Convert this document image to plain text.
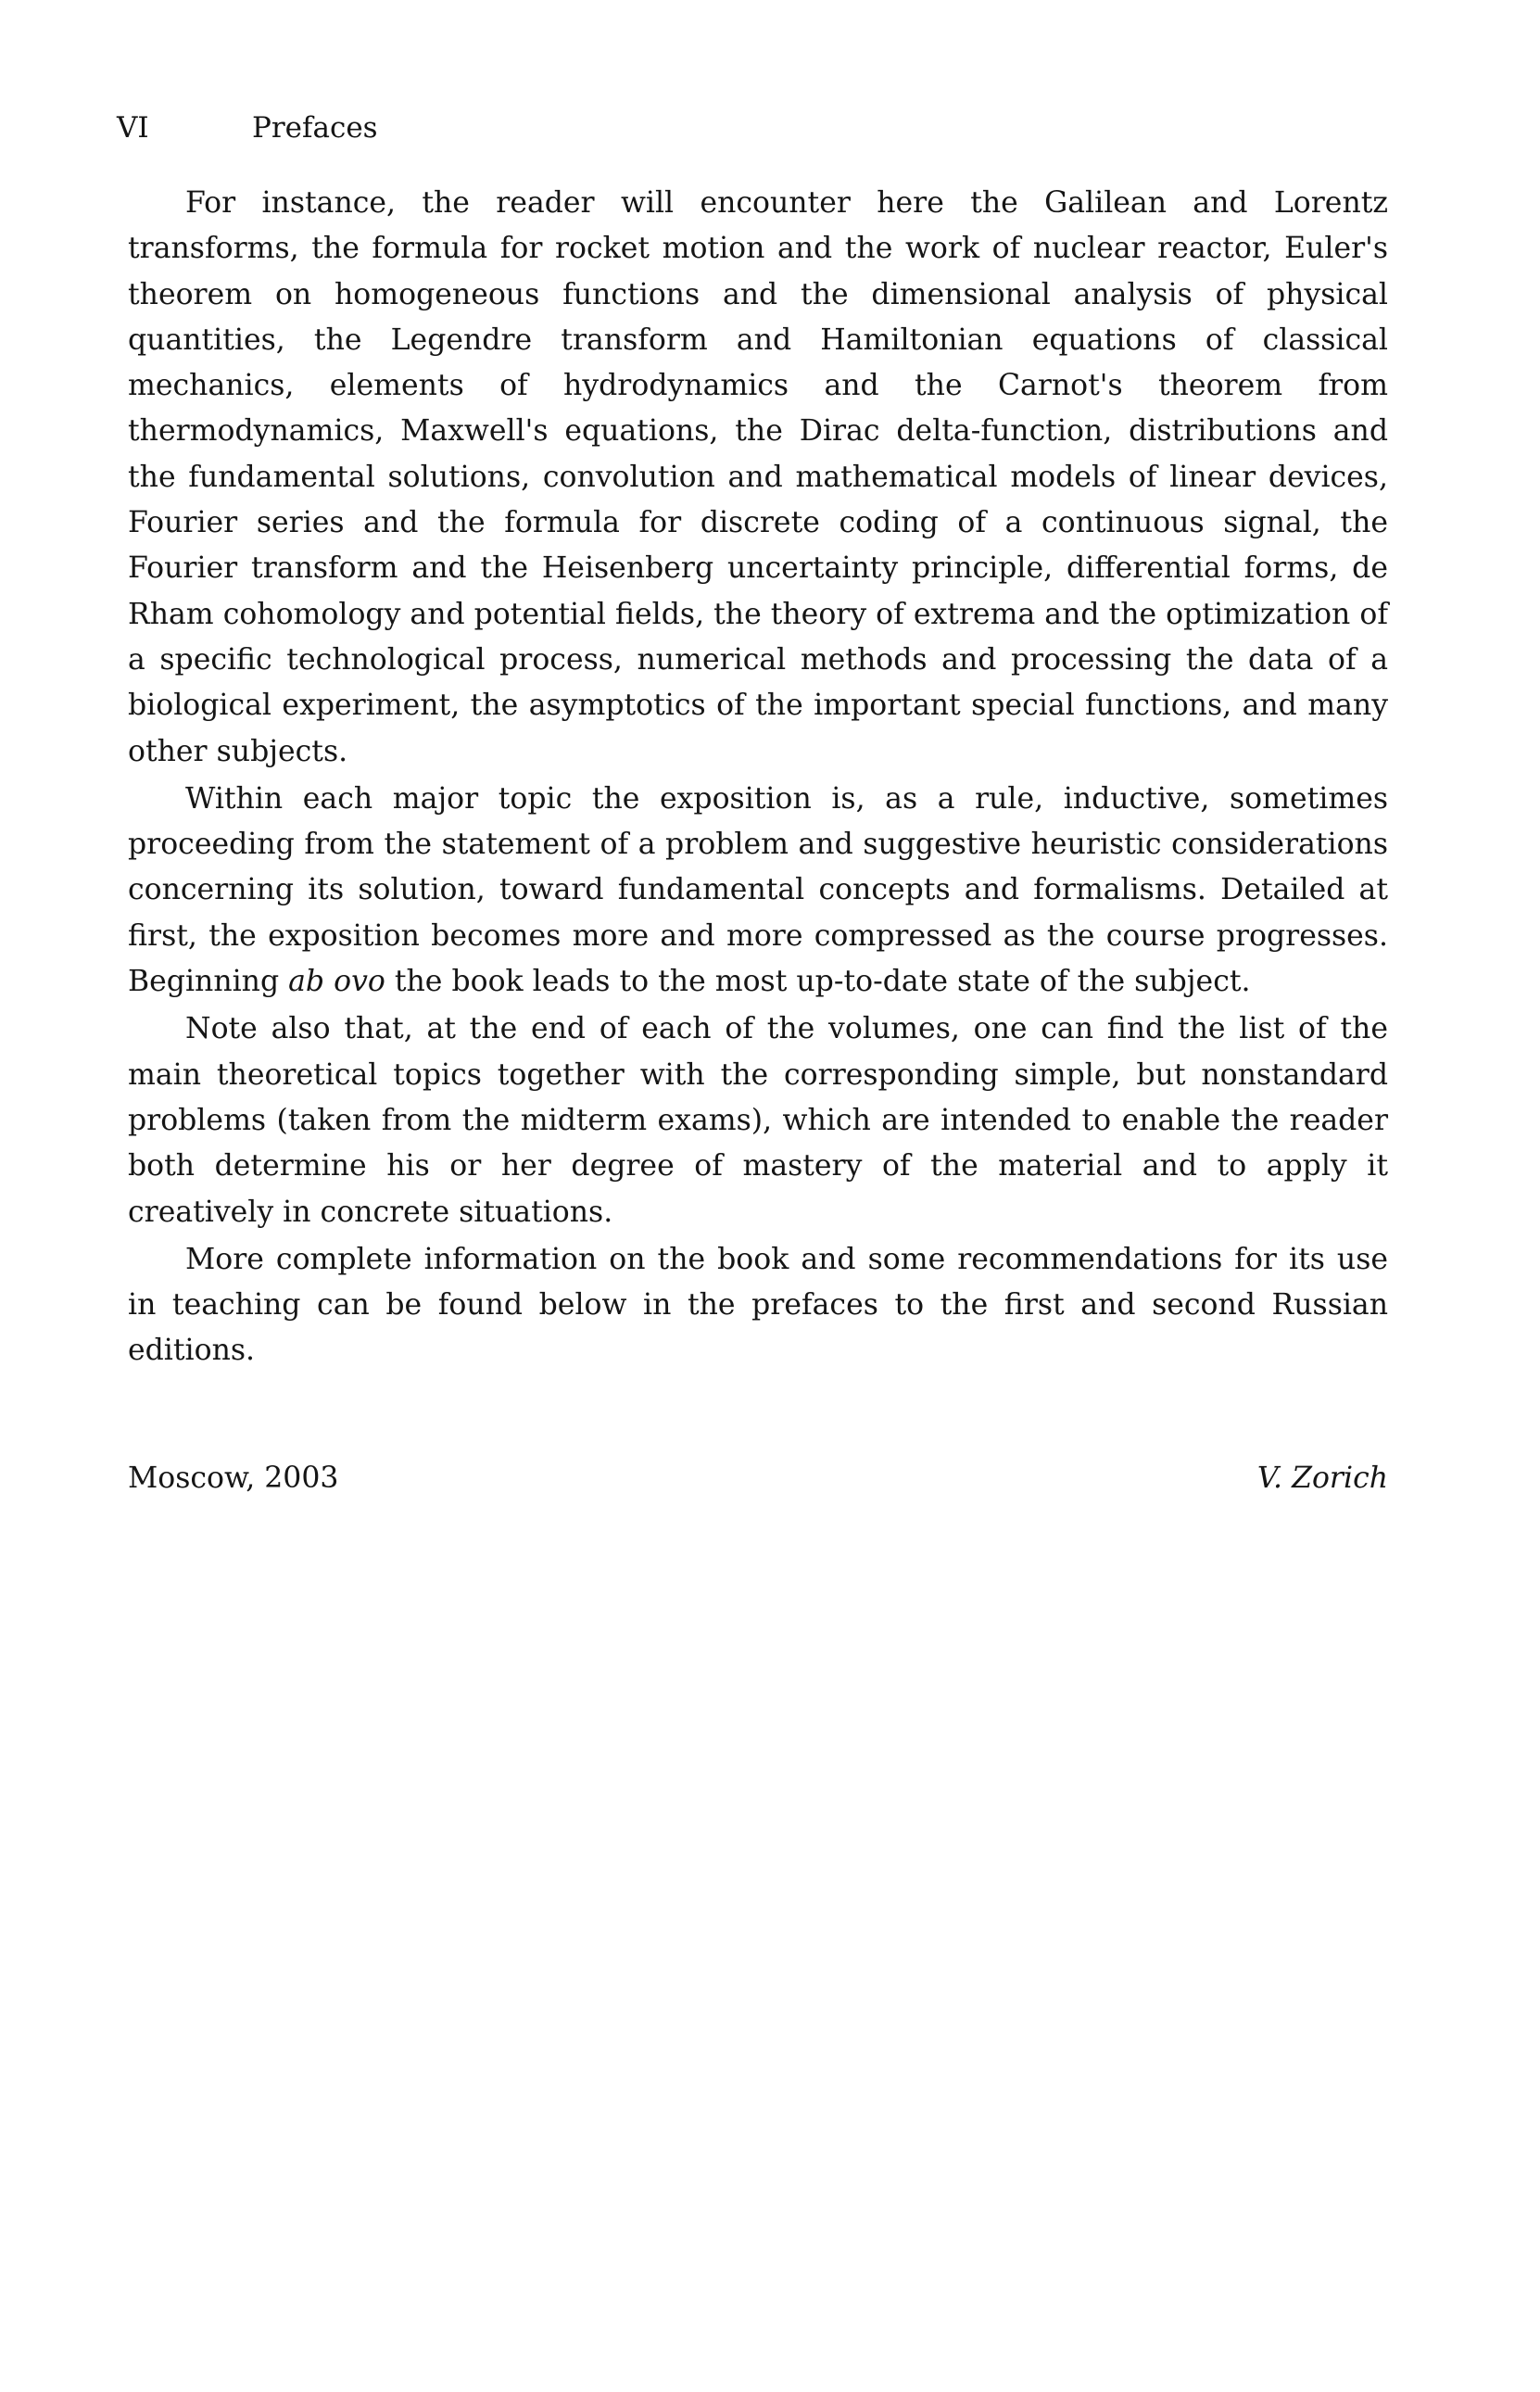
VI	Prefaces

For instance, the reader will encounter here the Galilean and Lorentz transforms, the formula for rocket motion and the work of nuclear reactor, Euler's theorem on homogeneous functions and the dimensional analysis of physical quantities, the Legendre transform and Hamiltonian equations of classical mechanics, elements of hydrodynamics and the Carnot's theorem from thermodynamics, Maxwell's equations, the Dirac delta-function, distributions and the fundamental solutions, convolution and mathematical models of linear devices, Fourier series and the formula for discrete coding of a continuous signal, the Fourier transform and the Heisenberg uncertainty principle, differential forms, de Rham cohomology and potential fields, the theory of extrema and the optimization of a specific technological process, numerical methods and processing the data of a biological experiment, the asymptotics of the important special functions, and many other subjects.

Within each major topic the exposition is, as a rule, inductive, sometimes proceeding from the statement of a problem and suggestive heuristic considerations concerning its solution, toward fundamental concepts and formalisms. Detailed at first, the exposition becomes more and more compressed as the course progresses. Beginning ab ovo the book leads to the most up-to-date state of the subject.

Note also that, at the end of each of the volumes, one can find the list of the main theoretical topics together with the corresponding simple, but nonstandard problems (taken from the midterm exams), which are intended to enable the reader both determine his or her degree of mastery of the material and to apply it creatively in concrete situations.

More complete information on the book and some recommendations for its use in teaching can be found below in the prefaces to the first and second Russian editions.

Moscow, 2003	V. Zorich
